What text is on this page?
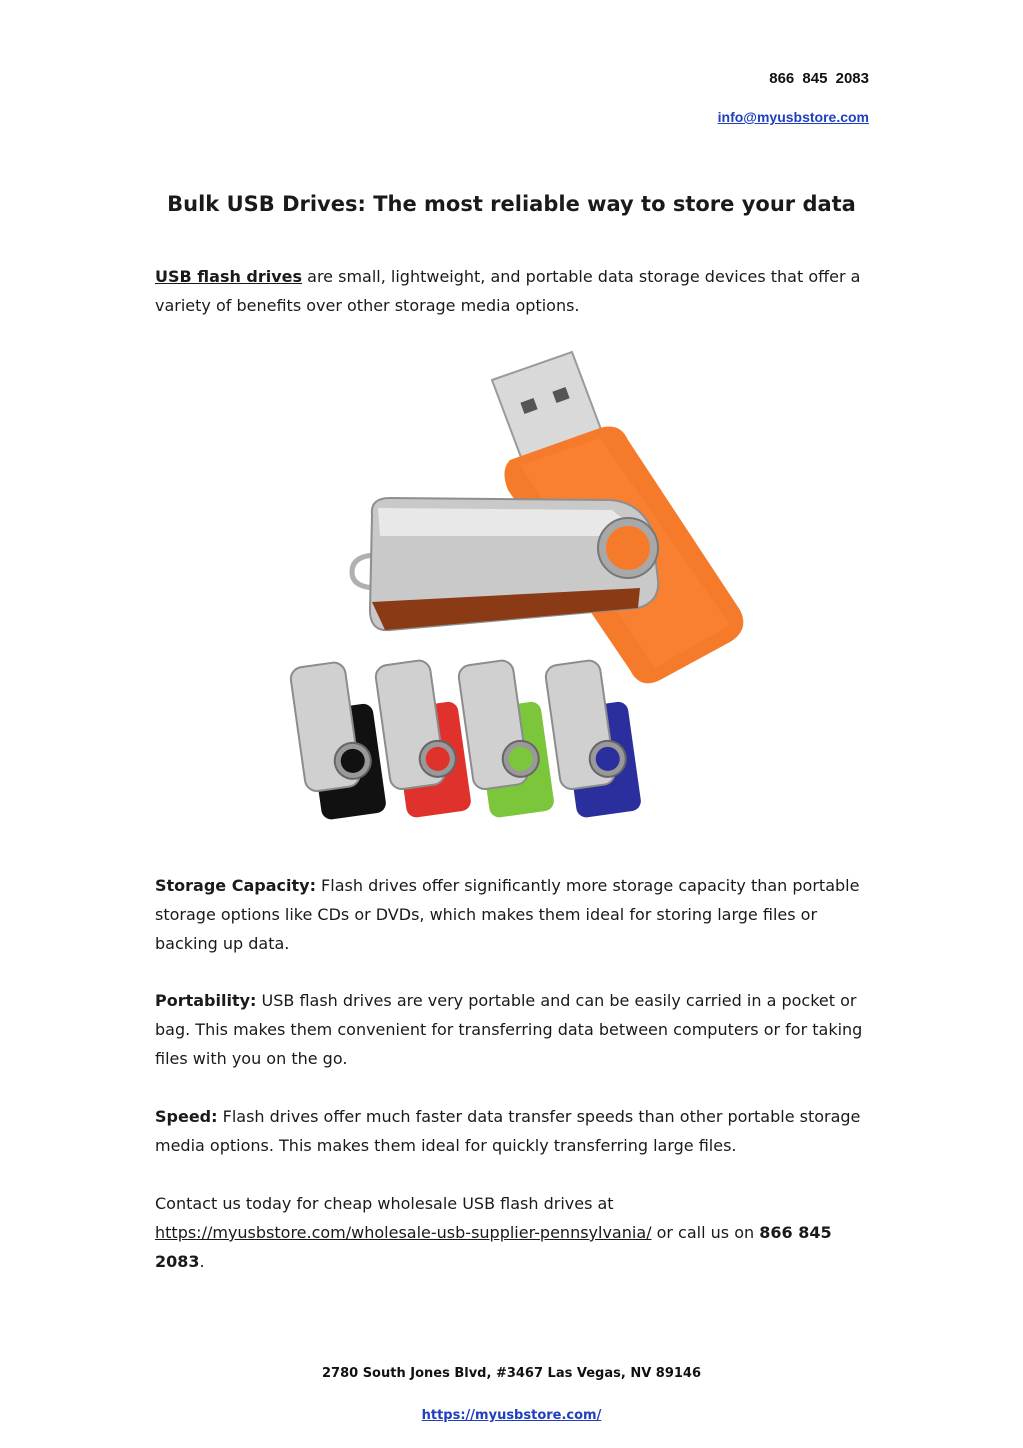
866 845 2083
info@myusbstore.com
Bulk USB Drives: The most reliable way to store your data

USB flash drives are small, lightweight, and portable data storage devices that offer a variety of benefits over other storage media options.

Storage Capacity: Flash drives offer significantly more storage capacity than portable storage options like CDs or DVDs, which makes them ideal for storing large files or backing up data.

Portability: USB flash drives are very portable and can be easily carried in a pocket or bag. This makes them convenient for transferring data between computers or for taking files with you on the go.

Speed: Flash drives offer much faster data transfer speeds than other portable storage media options. This makes them ideal for quickly transferring large files.

Contact us today for cheap wholesale USB flash drives at https://myusbstore.com/wholesale-usb-supplier-pennsylvania/ or call us on 866 845 2083.

2780 South Jones Blvd, #3467 Las Vegas, NV 89146
https://myusbstore.com/
